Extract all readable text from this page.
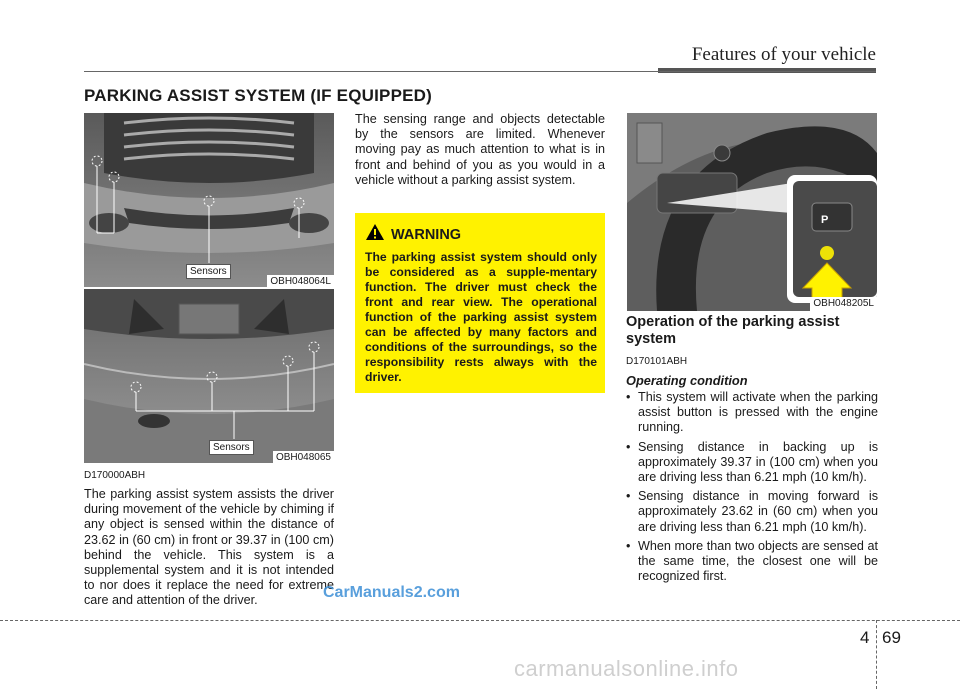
Features of your vehicle
PARKING ASSIST SYSTEM (IF EQUIPPED)
Sensors
OBH048064L
Sensors
OBH048065

D170000ABH

The parking assist system assists the driver during movement of the vehicle by chiming if any object is sensed within the distance of 23.62 in (60 cm) in front or 39.37 in (100 cm) behind the vehicle. This system is a supplemental system and it is not intended to nor does it replace the need for extreme care and attention of the driver.

The sensing range and objects detectable by the sensors are limited. Whenever moving pay as much attention to what is in front and behind of you as you would in a vehicle without a parking assist system.

WARNING

The parking assist system should only be considered as a supple-mentary function. The driver must check the front and rear view. The operational function of the parking assist system can be affected by many factors and conditions of the surroundings, so the responsibility rests always with the driver.

P
OBH048205L

Operation of the parking assist system

D170101ABH

Operating condition

• This system will activate when the parking assist button is pressed with the engine running.
• Sensing distance in backing up is approximately 39.37 in (100 cm) when you are driving less than 6.21 mph (10 km/h).
• Sensing distance in moving forward is approximately 23.62 in (60 cm) when you are driving less than 6.21 mph (10 km/h).
• When more than two objects are sensed at the same time, the closest one will be recognized first.
CarManuals2.com
4 69
carmanualsonline.info
